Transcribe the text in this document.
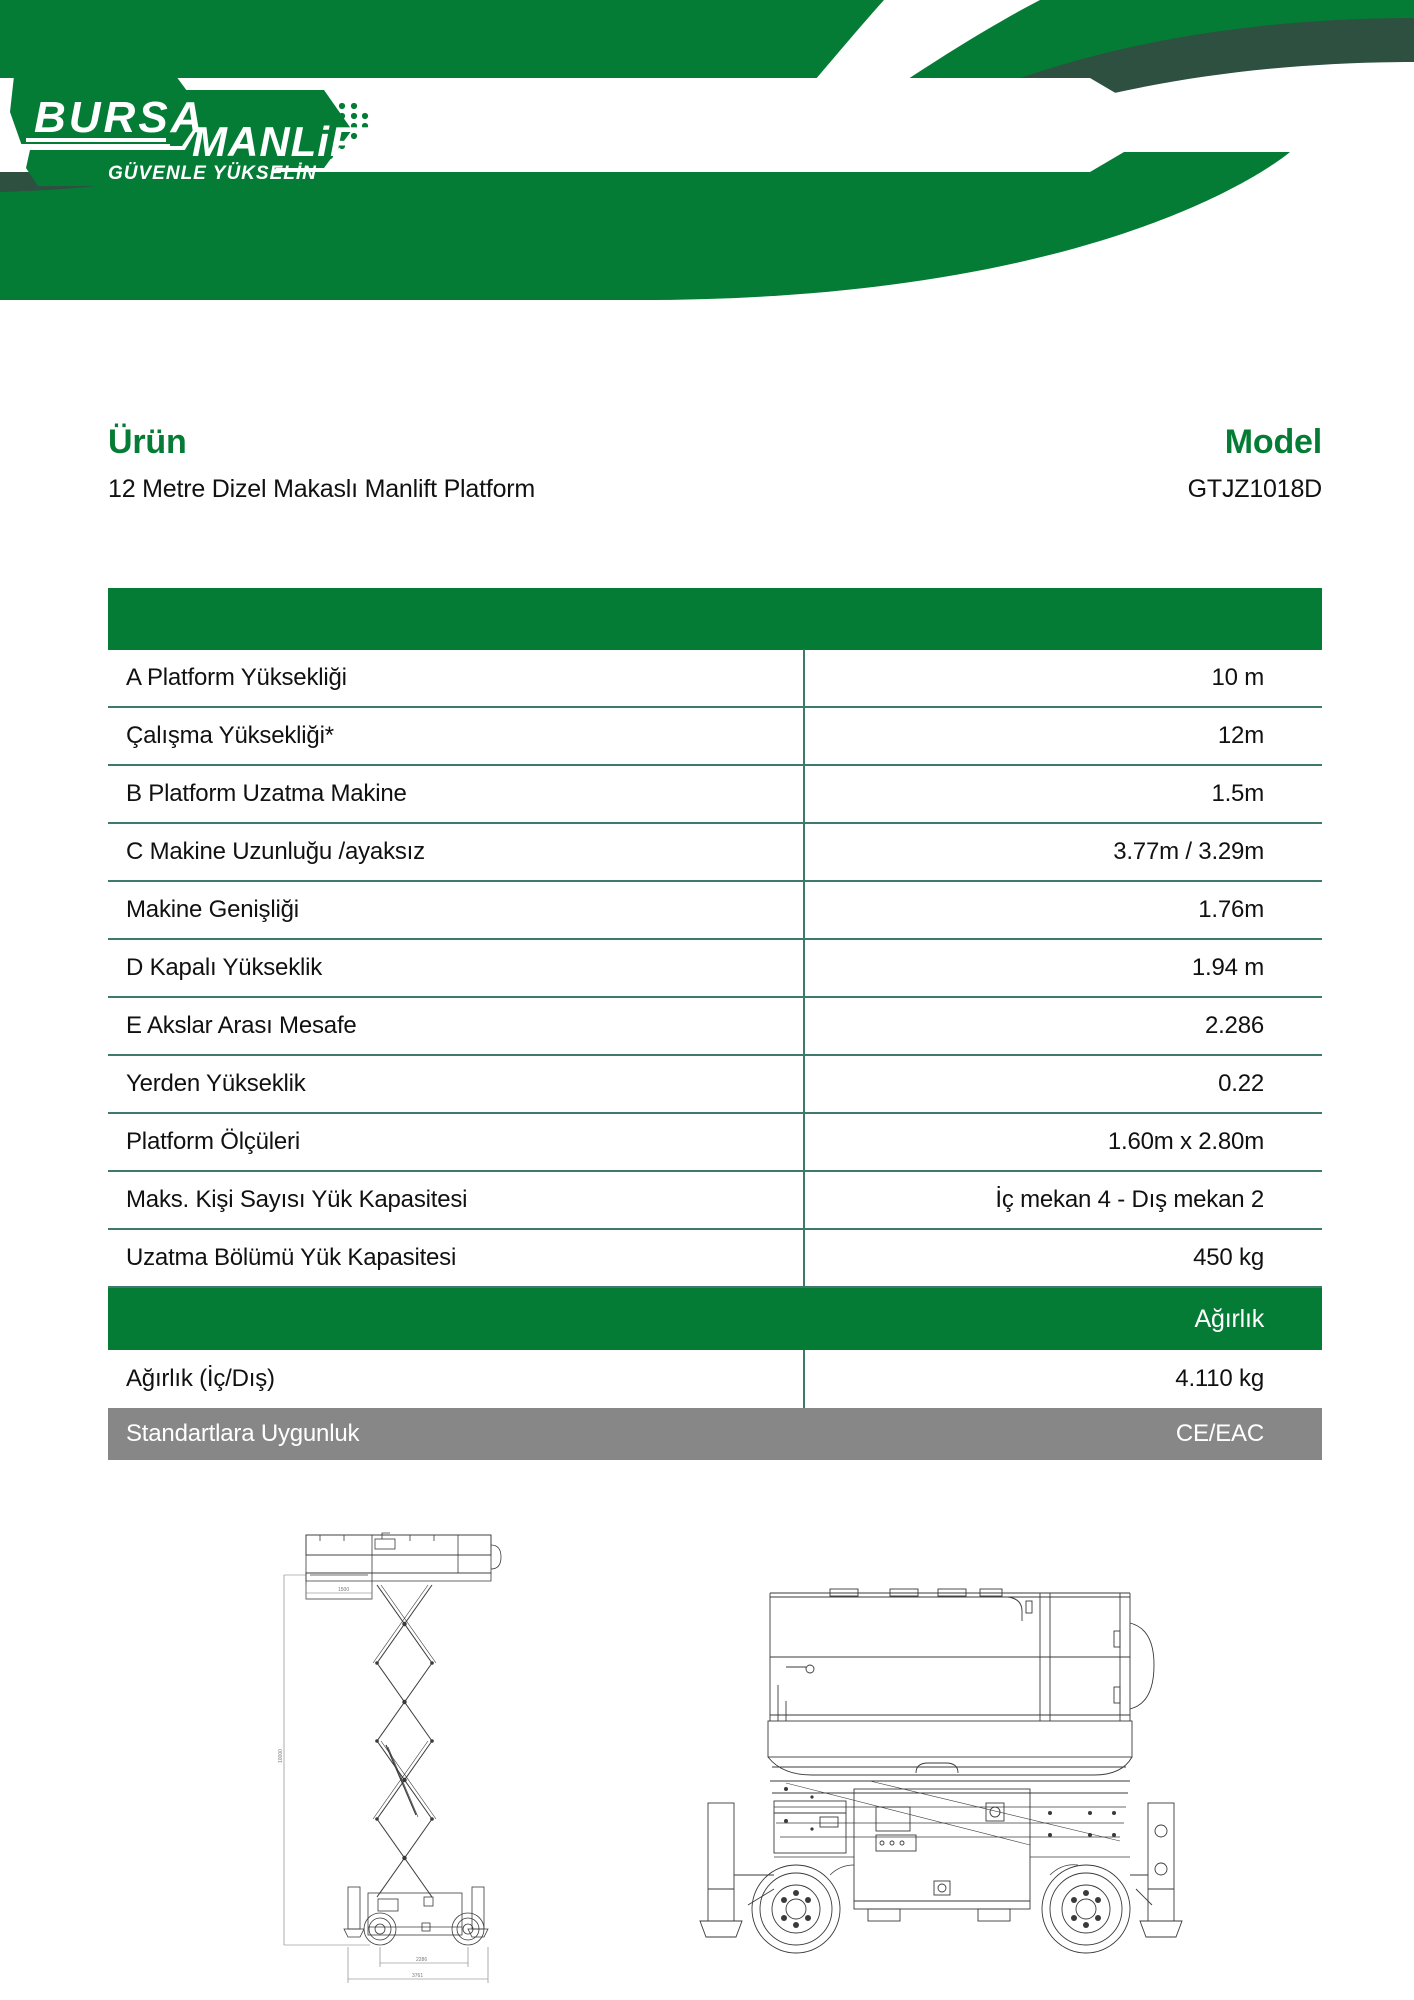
BURSA
MANLiFT
GÜVENLE YÜKSELİN
Ürün
12 Metre Dizel Makaslı Manlift Platform
Model
GTJZ1018D
A Platform Yüksekliği	10 m
Çalışma Yüksekliği*	12m
B Platform Uzatma Makine	1.5m
C Makine Uzunluğu /ayaksız	3.77m / 3.29m
Makine Genişliği	1.76m
D Kapalı Yükseklik	1.94 m
E Akslar Arası Mesafe	2.286
Yerden Yükseklik	0.22
Platform Ölçüleri	1.60m x 2.80m
Maks. Kişi Sayısı Yük Kapasitesi	İç mekan 4 - Dış mekan 2
Uzatma Bölümü Yük Kapasitesi	450 kg
Ağırlık
Ağırlık (İç/Dış)	4.110 kg
Standartlara Uygunluk	CE/EAC
1500
10000
2286
3761
